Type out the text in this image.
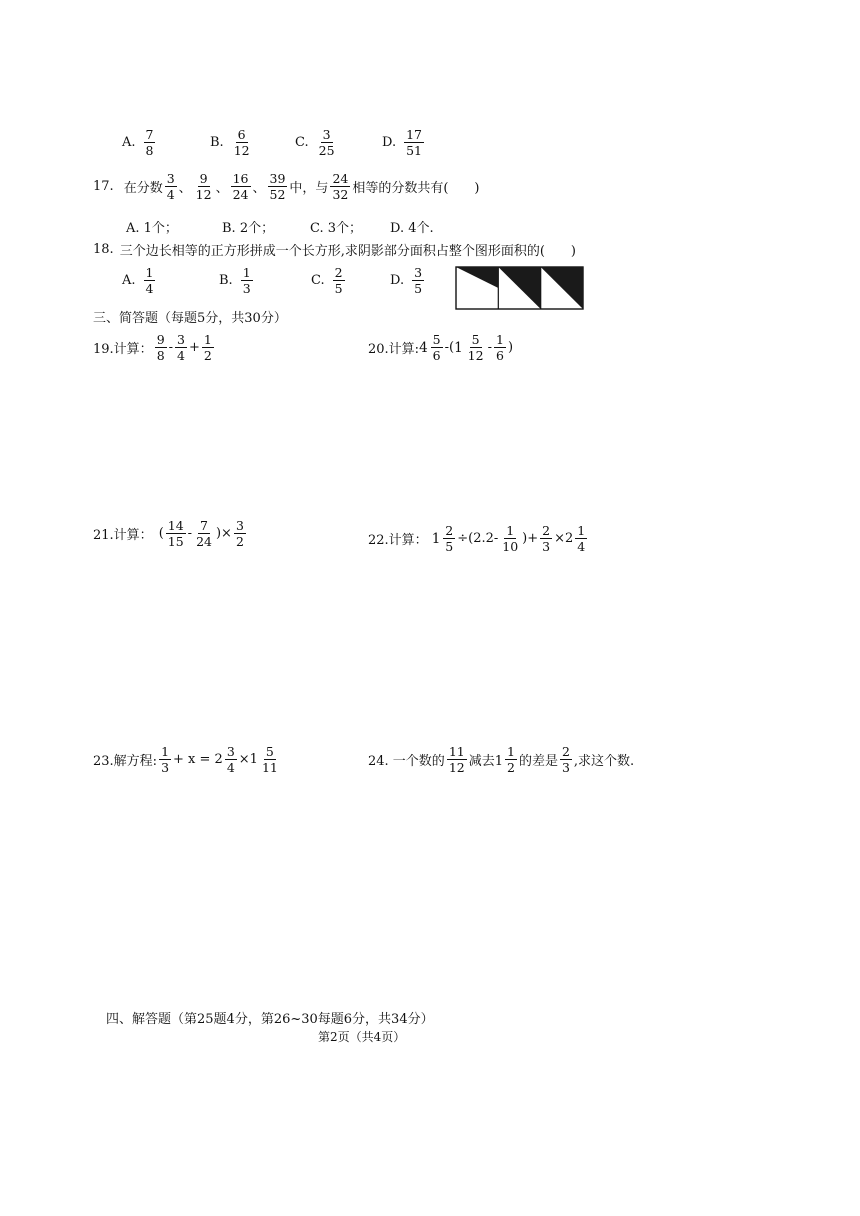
A. $\frac{7}{8}$	B. $\frac{6}{12}$	C. $\frac{3}{25}$	D. $\frac{17}{51}$
17. 在分数 $\frac{3}{4}$ 、 $\frac{9}{12}$ 、 $\frac{16}{24}$ 、 $\frac{39}{52}$ 中，与 $\frac{24}{32}$ 相等的分数共有(　　)
A. 1个；	B. 2个；	C. 3个；	D. 4个.
18. 三个边长相等的正方形拼成一个长方形,求阴影部分面积占整个图形面积的(　　)
A. $\frac{1}{4}$	B. $\frac{1}{3}$	C. $\frac{2}{5}$	D. $\frac{3}{5}$
三、简答题（每题5分，共30分）
19.计算： $\frac{9}{8} - \frac{3}{4} + \frac{1}{2}$	20.计算: $4 \frac{5}{6}$ -( $1 \frac{5}{12} - \frac{1}{6}$ )
21.计算： ( $\frac{14}{15} - \frac{7}{24}$ )× $\frac{3}{2}$	22.计算： $1 \frac{2}{5} \div(2.2- \frac{1}{10}$ )+ $\frac{2}{3} \times 2 \frac{1}{4}$
23.解方程: $\frac{1}{3} + x = 2 \frac{3}{4} \times 1 \frac{5}{11}$	24. 一个数的 $\frac{11}{12}$ 减去$1 \frac{1}{2}$ 的差是 $\frac{2}{3}$ ,求这个数.
四、解答题（第25题4分，第26~30每题6分，共34分）
第2页（共4页）
